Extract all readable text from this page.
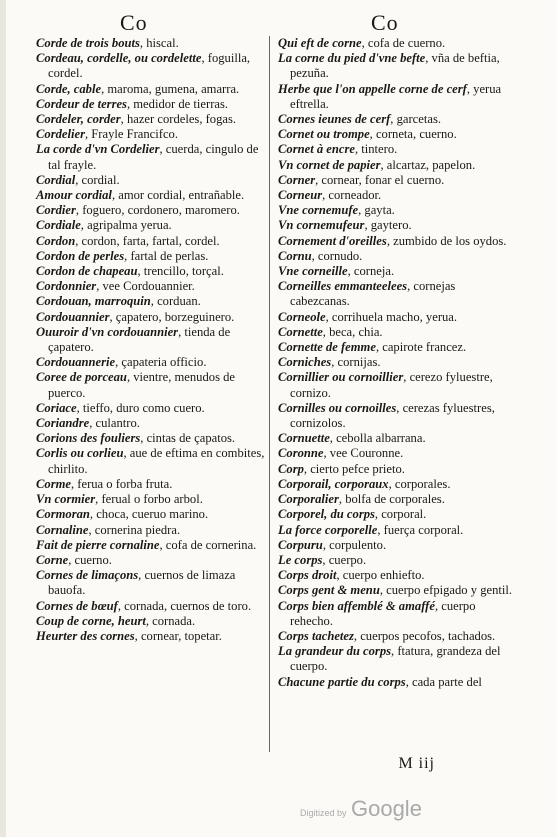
Co	Co

Corde de trois bouts, hiscal.

Cordeau, cordelle, ou cordelette, foguilla, cordel.

Corde, cable, maroma, gumena, amarra.

Cordeur de terres, medidor de tierras.

Cordeler, corder, hazer cordeles, fogas.

Cordelier, Frayle Francifco.

La corde d'vn Cordelier, cuerda, cingulo de tal frayle.

Cordial, cordial.

Amour cordial, amor cordial, entrañable.

Cordier, foguero, cordonero, maromero.

Cordiale, agripalma yerua.

Cordon, cordon, farta, fartal, cordel.

Cordon de perles, fartal de perlas.

Cordon de chapeau, trencillo, torçal.

Cordonnier, vee Cordouannier.

Cordouan, marroquin, corduan.

Cordouannier, çapatero, borzeguinero.

Ouuroir d'vn cordouannier, tienda de çapatero.

Cordouannerie, çapateria officio.

Coree de porceau, vientre, menudos de puerco.

Coriace, tieffo, duro como cuero.

Coriandre, culantro.

Corions des fouliers, cintas de çapatos.

Corlis ou corlieu, aue de eftima en combites, chirlito.

Corme, ferua o forba fruta.

Vn cormier, ferual o forbo arbol.

Cormoran, choca, cueruo marino.

Cornaline, cornerina piedra.

Fait de pierre cornaline, cofa de cornerina.

Corne, cuerno.

Cornes de limaçons, cuernos de limaza bauofa.

Cornes de bœuf, cornada, cuernos de toro.

Coup de corne, heurt, cornada.

Heurter des cornes, cornear, topetar.

Qui eft de corne, cofa de cuerno.

La corne du pied d'vne befte, vña de beftia, pezuña.

Herbe que l'on appelle corne de cerf, yerua eftrella.

Cornes ieunes de cerf, garcetas.

Cornet ou trompe, corneta, cuerno.

Cornet à encre, tintero.

Vn cornet de papier, alcartaz, papelon.

Corner, cornear, fonar el cuerno.

Corneur, corneador.

Vne cornemufe, gayta.

Vn cornemufeur, gaytero.

Cornement d'oreilles, zumbido de los oydos.

Cornu, cornudo.

Vne corneille, corneja.

Corneilles emmanteelees, cornejas cabezcanas.

Corneole, corrihuela macho, yerua.

Cornette, beca, chia.

Cornette de femme, capirote francez.

Corniches, cornijas.

Cornillier ou cornoillier, cerezo fyluestre, cornizo.

Cornilles ou cornoilles, cerezas fyluestres, cornizolos.

Cornuette, cebolla albarrana.

Coronne, vee Couronne.

Corp, cierto pefce prieto.

Corporail, corporaux, corporales.

Corporalier, bolfa de corporales.

Corporel, du corps, corporal.

La force corporelle, fuerça corporal.

Corpuru, corpulento.

Le corps, cuerpo.

Corps droit, cuerpo enhiefto.

Corps gent & menu, cuerpo efpigado y gentil.

Corps bien affemblé & amaffé, cuerpo rehecho.

Corps tachetez, cuerpos pecofos, tachados.

La grandeur du corps, ftatura, grandeza del cuerpo.

Chacune partie du corps, cada parte del

M iij
Digitized by Google
